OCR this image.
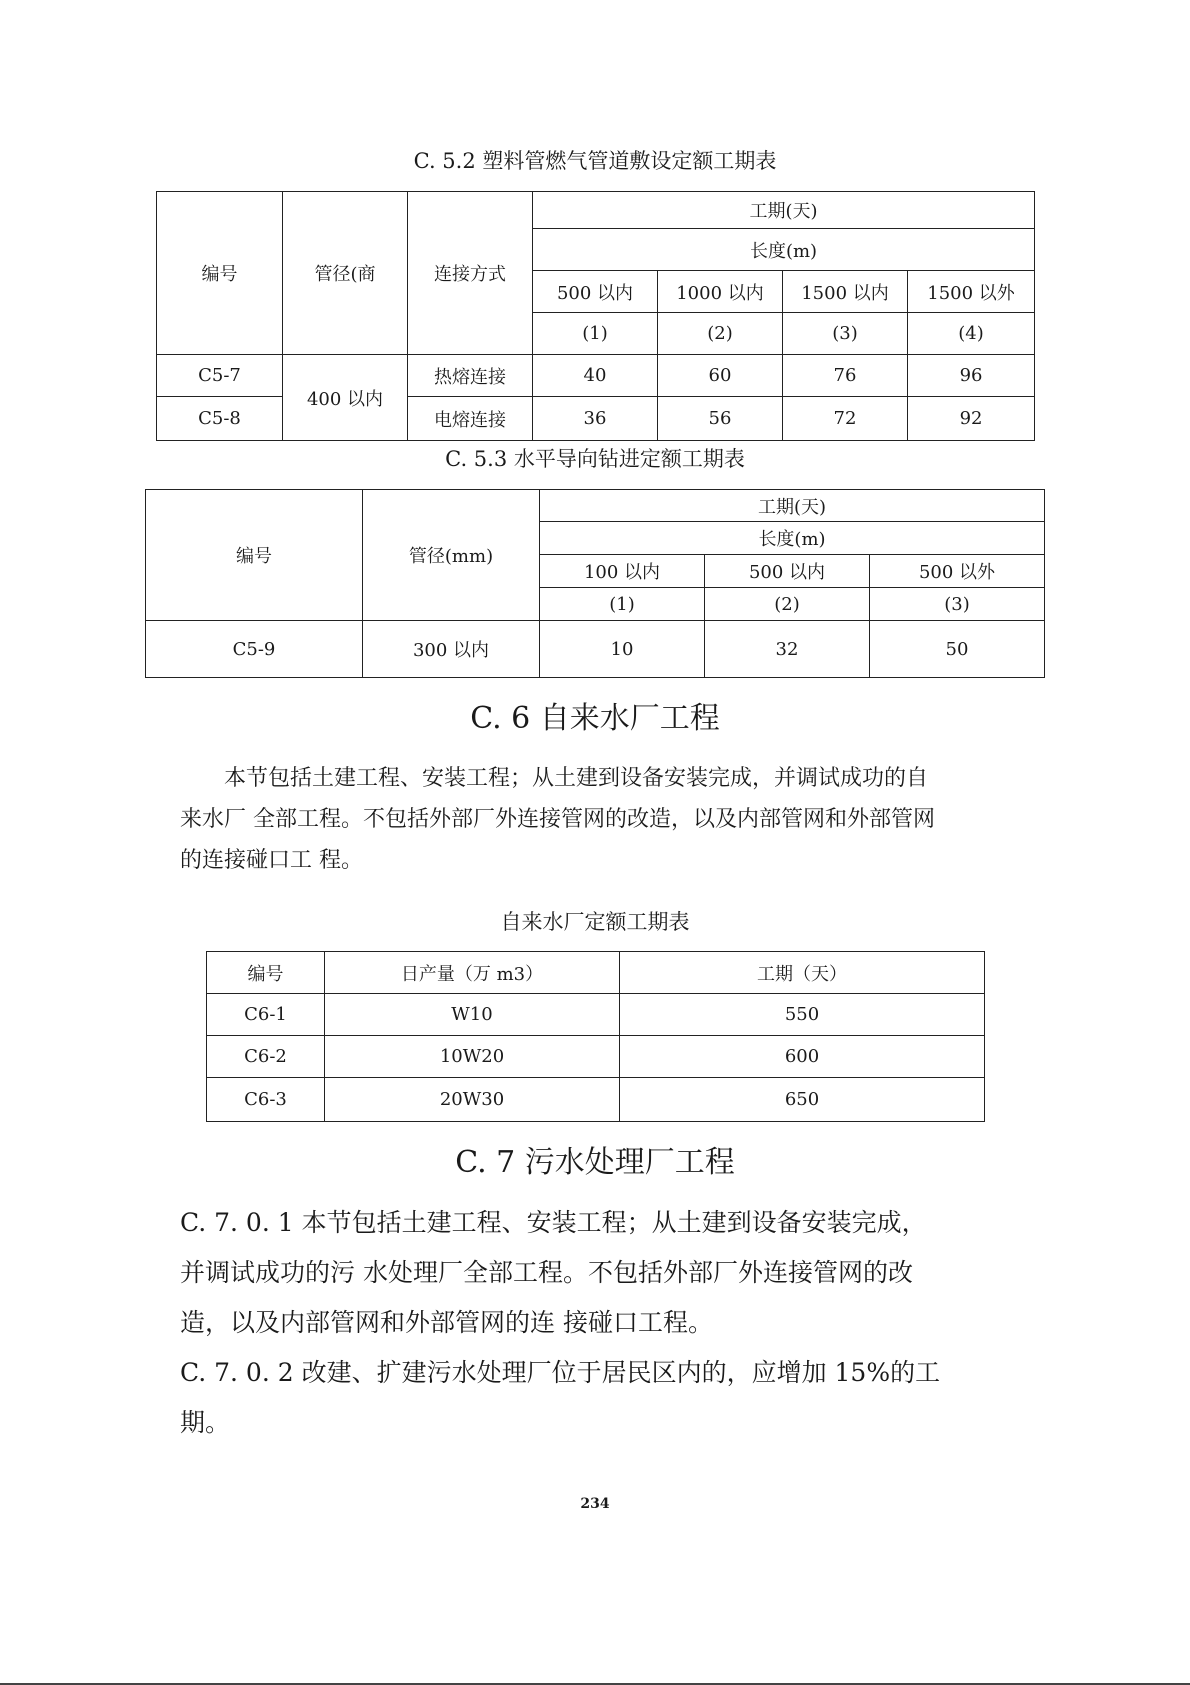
C. 5.2 塑料管燃气管道敷设定额工期表
编号	管径(商	连接方式	工期(天)			
			长度(m)			
			500 以内	1000 以内	1500 以内	1500 以外
			(1)	(2)	(3)	(4)
C5-7	400 以内	热熔连接	40	60	76	96
C5-8		电熔连接	36	56	72	92
C. 5.3 水平导向钻进定额工期表
编号	管径(mm)	工期(天)		
		长度(m)		
		100 以内	500 以内	500 以外
		(1)	(2)	(3)
C5-9	300 以内	10	32	50
C. 6 自来水厂工程
本节包括土建工程、安装工程；从土建到设备安装完成，并调试成功的自
来水厂 全部工程。不包括外部厂外连接管网的改造，以及内部管网和外部管网
的连接碰口工 程。
自来水厂定额工期表
编号	日产量（万 m3）	工期（天）
C6-1	W10	550
C6-2	10W20	600
C6-3	20W30	650
C. 7 污水处理厂工程
C. 7. 0. 1 本节包括土建工程、安装工程；从土建到设备安装完成，
并调试成功的污 水处理厂全部工程。不包括外部厂外连接管网的改
造，以及内部管网和外部管网的连 接碰口工程。
C. 7. 0. 2 改建、扩建污水处理厂位于居民区内的，应增加 15%的工
期。
234
